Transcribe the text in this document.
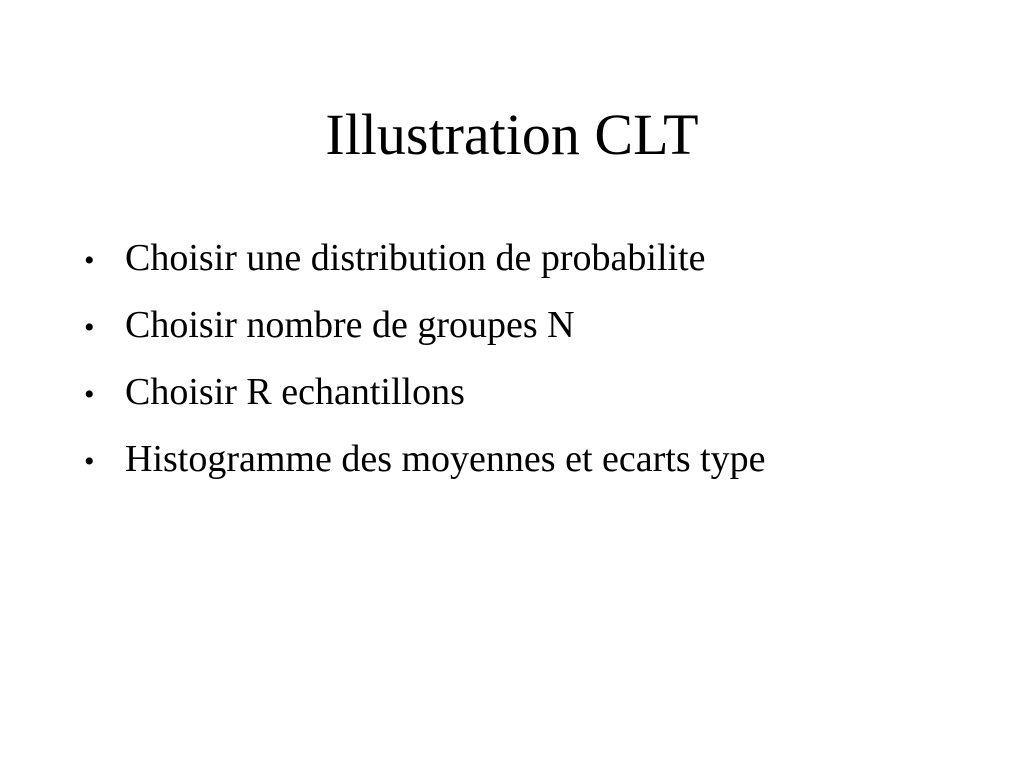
Illustration CLT
• Choisir une distribution de probabilite
• Choisir nombre de groupes N
• Choisir R echantillons
• Histogramme des moyennes et ecarts type
